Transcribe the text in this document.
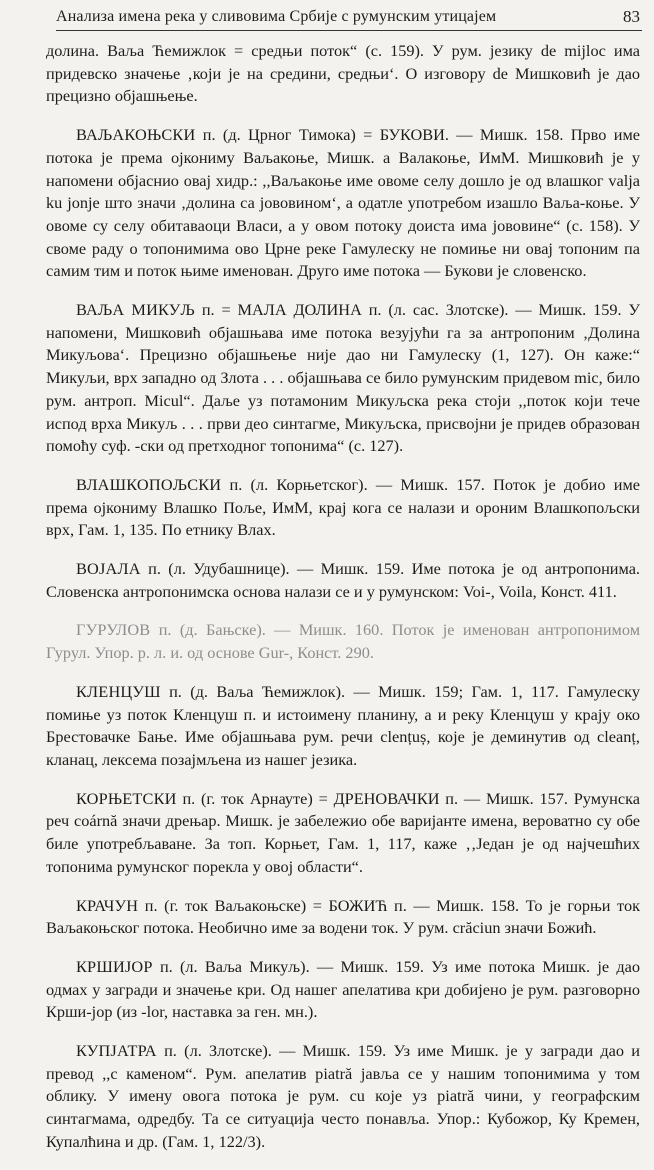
Анализа имена река у сливовима Србије с румунским утицајем	83

долина. Ваља Ћемижлок = средњи поток“ (с. 159). У рум. језику de mijloc има придевско значење ‚који је на средини, средњи‘. О изговору de Мишковић је дао прецизно објашњење.

ВАЉАКОЊСКИ п. (д. Црног Тимока) = БУКОВИ. — Мишк. 158. Прво име потока је према ојкониму Ваљакоње, Мишк. а Валакоње, ИмМ. Мишковић је у напомени објаснио овај хидр.: ,,Ваљакоње име овоме селу дошло је од влашког valja ku jonje што значи ‚долина са јововином‘, а одатле употребом изашло Ваља-коње. У овоме су селу обитаваоци Власи, а у овом потоку доиста има јововине“ (с. 158). У своме раду о топонимима ово Црне реке Гамулеску не помиње ни овај топоним па самим тим и поток њиме именован. Друго име потока — Букови је словенско.

ВАЉА МИКУЉ п. = МАЛА ДОЛИНА п. (л. сас. Злотске). — Мишк. 159. У напомени, Мишковић објашњава име потока везујући га за антропоним ‚Долина Микуљова‘. Прецизно објашњење није дао ни Гамулеску (1, 127). Он каже:“ Микуљи, врх западно од Злота . . . објашњава се било румунским придевом mic, било рум. антроп. Micul“. Даље уз потамоним Микуљска река стоји ,,поток који тече испод врха Микуљ . . . први део синтагме, Микуљска, присвојни је придев образован помоћу суф. -ски од претходног топонима“ (с. 127).

ВЛАШКОПОЉСКИ п. (л. Корњетског). — Мишк. 157. Поток је добио име према ојкониму Влашко Поље, ИмМ, крај кога се налази и ороним Влашкопољски врх, Гам. 1, 135. По етнику Влах.

ВОЈАЛА п. (л. Удубашнице). — Мишк. 159. Име потока је од антропонима. Словенска антропонимска основа налази се и у румунском: Voi-, Voila, Конст. 411.

ГУРУЛОВ п. (д. Бањске). — Мишк. 160. Поток је именован антропонимом Гурул. Упор. р. л. и. од основе Gur-, Конст. 290.

КЛЕНЦУШ п. (д. Ваља Ћемижлок). — Мишк. 159; Гам. 1, 117. Гамулеску помиње уз поток Кленцуш п. и истоимену планину, а и реку Кленцуш у крају око Брестовачке Бање. Име објашњава рум. речи clențuș, које је деминутив од cleanț, кланац, лексема позајмљена из нашег језика.

КОРЊЕТСКИ п. (г. ток Арнауте) = ДРЕНОВАЧКИ п. — Мишк. 157. Румунска реч coárnă значи дрењар. Мишк. је забележио обе варијанте имена, вероватно су обе биле употребљаване. За топ. Корњет, Гам. 1, 117, каже ‚‚Један је од најчешћих топонима румунског порекла у овој области“.

КРАЧУН п. (г. ток Ваљакоњске) = БОЖИЋ п. — Мишк. 158. То је горњи ток Ваљакоњског потока. Необично име за водени ток. У рум. crăciun значи Божић.

КРШИЈОР п. (л. Ваља Микуљ). — Мишк. 159. Уз име потока Мишк. је дао одмах у загради и значење кри. Од нашег апелатива кри добијено је рум. разговорно Крши-јор (из -lor, наставка за ген. мн.).

КУПЈАТРА п. (л. Злотске). — Мишк. 159. Уз име Мишк. је у загради дао и превод ,,с каменом“. Рум. апелатив piatră јавља се у нашим топонимима у том облику. У имену овога потока је рум. cu које уз piatră чини, у географским синтагмама, одредбу. Та се ситуација често понавља. Упор.: Кубожор, Ку Кремен, Купалћина и др. (Гам. 1, 122/3).
